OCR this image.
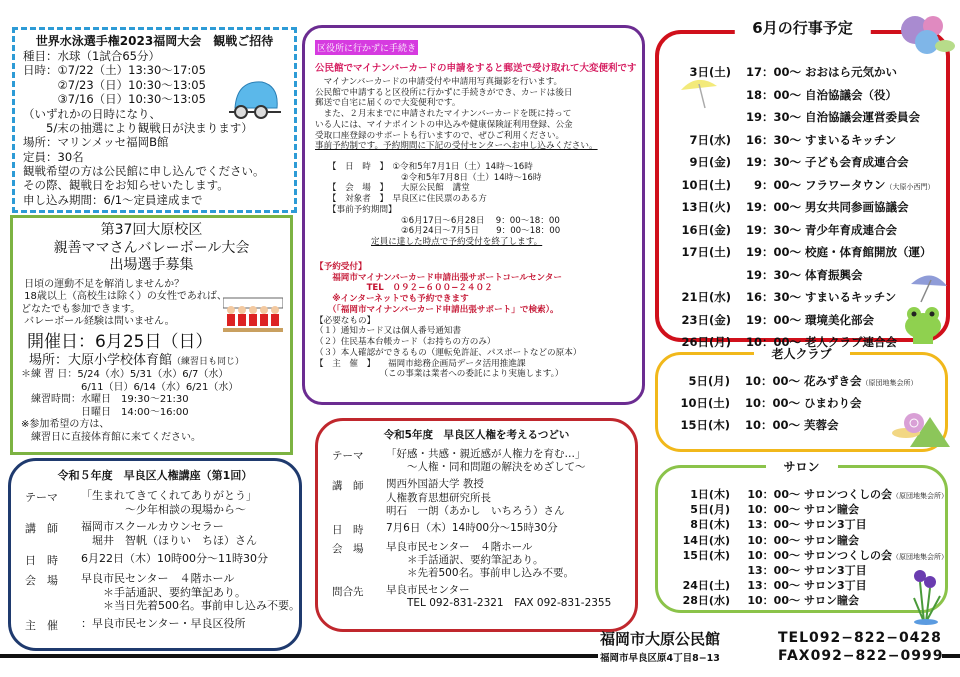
世界水泳選手権2023福岡大会　観戦ご招待
種目：水球（1試合65分）
日時：①7/22（土）13:30〜17:05
　　　②7/23（日）10:30〜13:05
　　　③7/16（日）10:30〜13:05
（いずれかの日時になり、
　　5/末の抽選により観戦日が決まります）
場所：マリンメッセ福岡B館
定員：30名
観戦希望の方は公民館に申し込んでください。
その際、観戦日をお知らせいたします。
申し込み期間：6/1〜定員達成まで
第37回大原校区
親善ママさんバレーボール大会
出場選手募集
日頃の運動不足を解消しませんか？
18歳以上（高校生は除く）の女性であれば、
どなたでも参加できます。
バレーボール経験は問いません。
開催日：6月25日（日）
場所：大原小学校体育館（練習日も同じ）
＊練 習 日：5/24（水）5/31（水）6/7（水）
　　　　　　6/11（日）6/14（水）6/21（水）
　練習時間：水曜日　19:30〜21:30
　　　　　　日曜日　14:00〜16:00
※参加希望の方は、
　練習日に直接体育館に来てください。
令和５年度　早良区人権講座（第1回）
テーマ	「生まれてきてくれてありがとう」
　　　　〜少年相談の現場から〜
講　師	福岡市スクールカウンセラー
　堀井　智帆（ほりい　ちほ）さん
日　時	6月22日（木）10時00分〜11時30分
会　場	早良市民センター　４階ホール
　　＊手話通訳、要約筆記あり。
　　＊当日先着500名。事前申し込み不要。
主　催	：早良市民センター・早良区役所
区役所に行かずに手続き
公民館でマイナンバーカードの申請をすると郵送で受け取れて大変便利です
　マイナンバーカードの申請受付や申請用写真撮影を行います。
公民館で申請すると区役所に行かずに手続きができ、カードは後日
郵送で自宅に届くので大変便利です。
　また、２月末までに申請されたマイナンバーカードを既に持って
いる人には、マイナポイントの申込みや健康保険証利用登録、公金
受取口座登録のサポートも行いますので、ぜひご利用ください。
事前予約制です。予約期間に下記の受付センターへお申し込みください。
　　【　日　時　】　①令和5年7月1日（土）14時〜16時
　　　　　　　　　　②令和5年7月8日（土）14時〜16時
　　【　会　場　】　　大原公民館　講堂
　　【　対象者　】　早良区に住民票のある方
　　【事前予約期間】
　　　　　　　　　　①6月17日〜6月28日　 9：00〜18：00
　　　　　　　　　　②6月24日〜7月5日　　9：00〜18：00
定員に達した時点で予約受付を終了します。
【予約受付】
　　福岡市マイナンバーカード申請出張サポートコールセンター
　　　　　　TEL　０９２−６００−２４０２
　　※インターネットでも予約できます
　　（「福岡市マイナンバーカード申請出張サポート」で検索）。
【必要なもの】
（１）通知カード又は個人番号通知書
（２）住民基本台帳カード（お持ちの方のみ）
（３）本人確認ができるもの（運転免許証、パスポートなどの原本）
【　主　催　】　　福岡市総務企画局データ活用推進課
　　　　　　　　（この事業は業者への委託により実施します。）
令和5年度　早良区人権を考えるつどい
テーマ	「好感・共感・親近感が人権力を育む…」
　　〜人権・同和問題の解決をめざして〜
講　師	関西外国語大学 教授
人権教育思想研究所長
明石　一朗（あかし　いちろう）さん
日　時	7月6日（木）14時00分〜15時30分
会　場	早良市民センター　４階ホール
　　＊手話通訳、要約筆記あり。
　　＊先着500名。事前申し込み不要。
問合先	早良市民センター
　　TEL 092-831-2321　FAX 092-831-2355
6月の行事予定
3日(土)	17：00〜 おおはら元気かい
18：00〜 自治協議会（役）
19：30〜 自治協議会運営委員会
7日(水)	16：30〜 すまいるキッチン
9日(金)	19：30〜 子ども会育成連合会
10日(土)	9：00〜 フラワータウン（大原小西門）
13日(火)	19：00〜 男女共同参画協議会
16日(金)	19：30〜 青少年育成連合会
17日(土)	19：00〜 校庭・体育館開放（運）
19：30〜 体育振興会
21日(水)	16：30〜 すまいるキッチン
23日(金)	19：00〜 環境美化部会
26日(月)	10：00〜 老人クラブ連合会
老人クラブ
5日(月)	10：00〜 花みずき会（原団地集会所）
10日(土)	10：00〜 ひまわり会
15日(木)	10：00〜 芙蓉会
サロン
1日(木)	10：00〜 サロンつくしの会（原団地集会所）
5日(月)	10：00〜 サロン瞳会
8日(木)	13：00〜 サロン3丁目
14日(水)	10：00〜 サロン瞳会
15日(木)	10：00〜 サロンつくしの会（原団地集会所）
13：00〜 サロン3丁目
24日(土)	13：00〜 サロン3丁目
28日(水)	10：00〜 サロン瞳会
福岡市大原公民館
福岡市早良区原4丁目8−13
TEL092−822−0428
FAX092−822−0999
